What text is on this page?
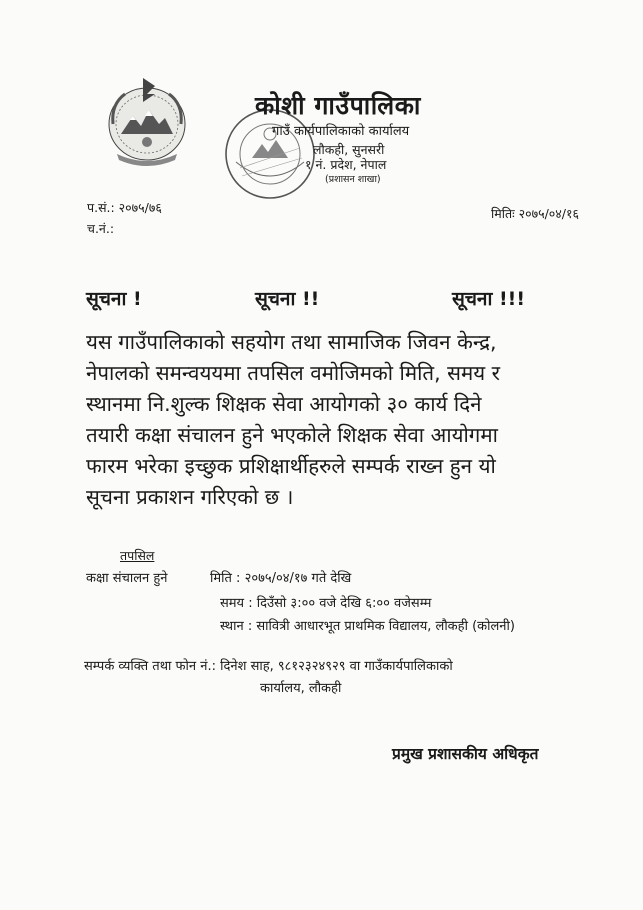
कोशी गाउँपालिका
गाउँ कार्यपालिकाको कार्यालय
लौकही, सुनसरी
१ नं. प्रदेश, नेपाल
(प्रशासन शाखा)
प.सं.: २०७५/७६
च.नं.:
मितिः २०७५/०४/१६
सूचना !	सूचना !!	सूचना !!!
यस गाउँपालिकाको सहयोग तथा सामाजिक जिवन केन्द्र,
नेपालको समन्वययमा तपसिल वमोजिमको मिति, समय र
स्थानमा नि.शुल्क शिक्षक सेवा आयोगको ३० कार्य दिने
तयारी कक्षा संचालन हुने भएकोले शिक्षक सेवा आयोगमा
फारम भरेका इच्छुक प्रशिक्षार्थीहरुले सम्पर्क राख्न हुन यो
सूचना प्रकाशन गरिएको छ ।
तपसिल
कक्षा संचालन हुने	मिति : २०७५/०४/१७ गते देखि
समय : दिउँसो ३:०० वजे देखि ६:०० वजेसम्म
स्थान : सावित्री आधारभूत प्राथमिक विद्यालय, लौकही (कोलनी)
सम्पर्क व्यक्ति तथा फोन नं.: दिनेश साह, ९८१२३२४९२९ वा गाउँकार्यपालिकाको
कार्यालय, लौकही
प्रमुख प्रशासकीय अधिकृत
